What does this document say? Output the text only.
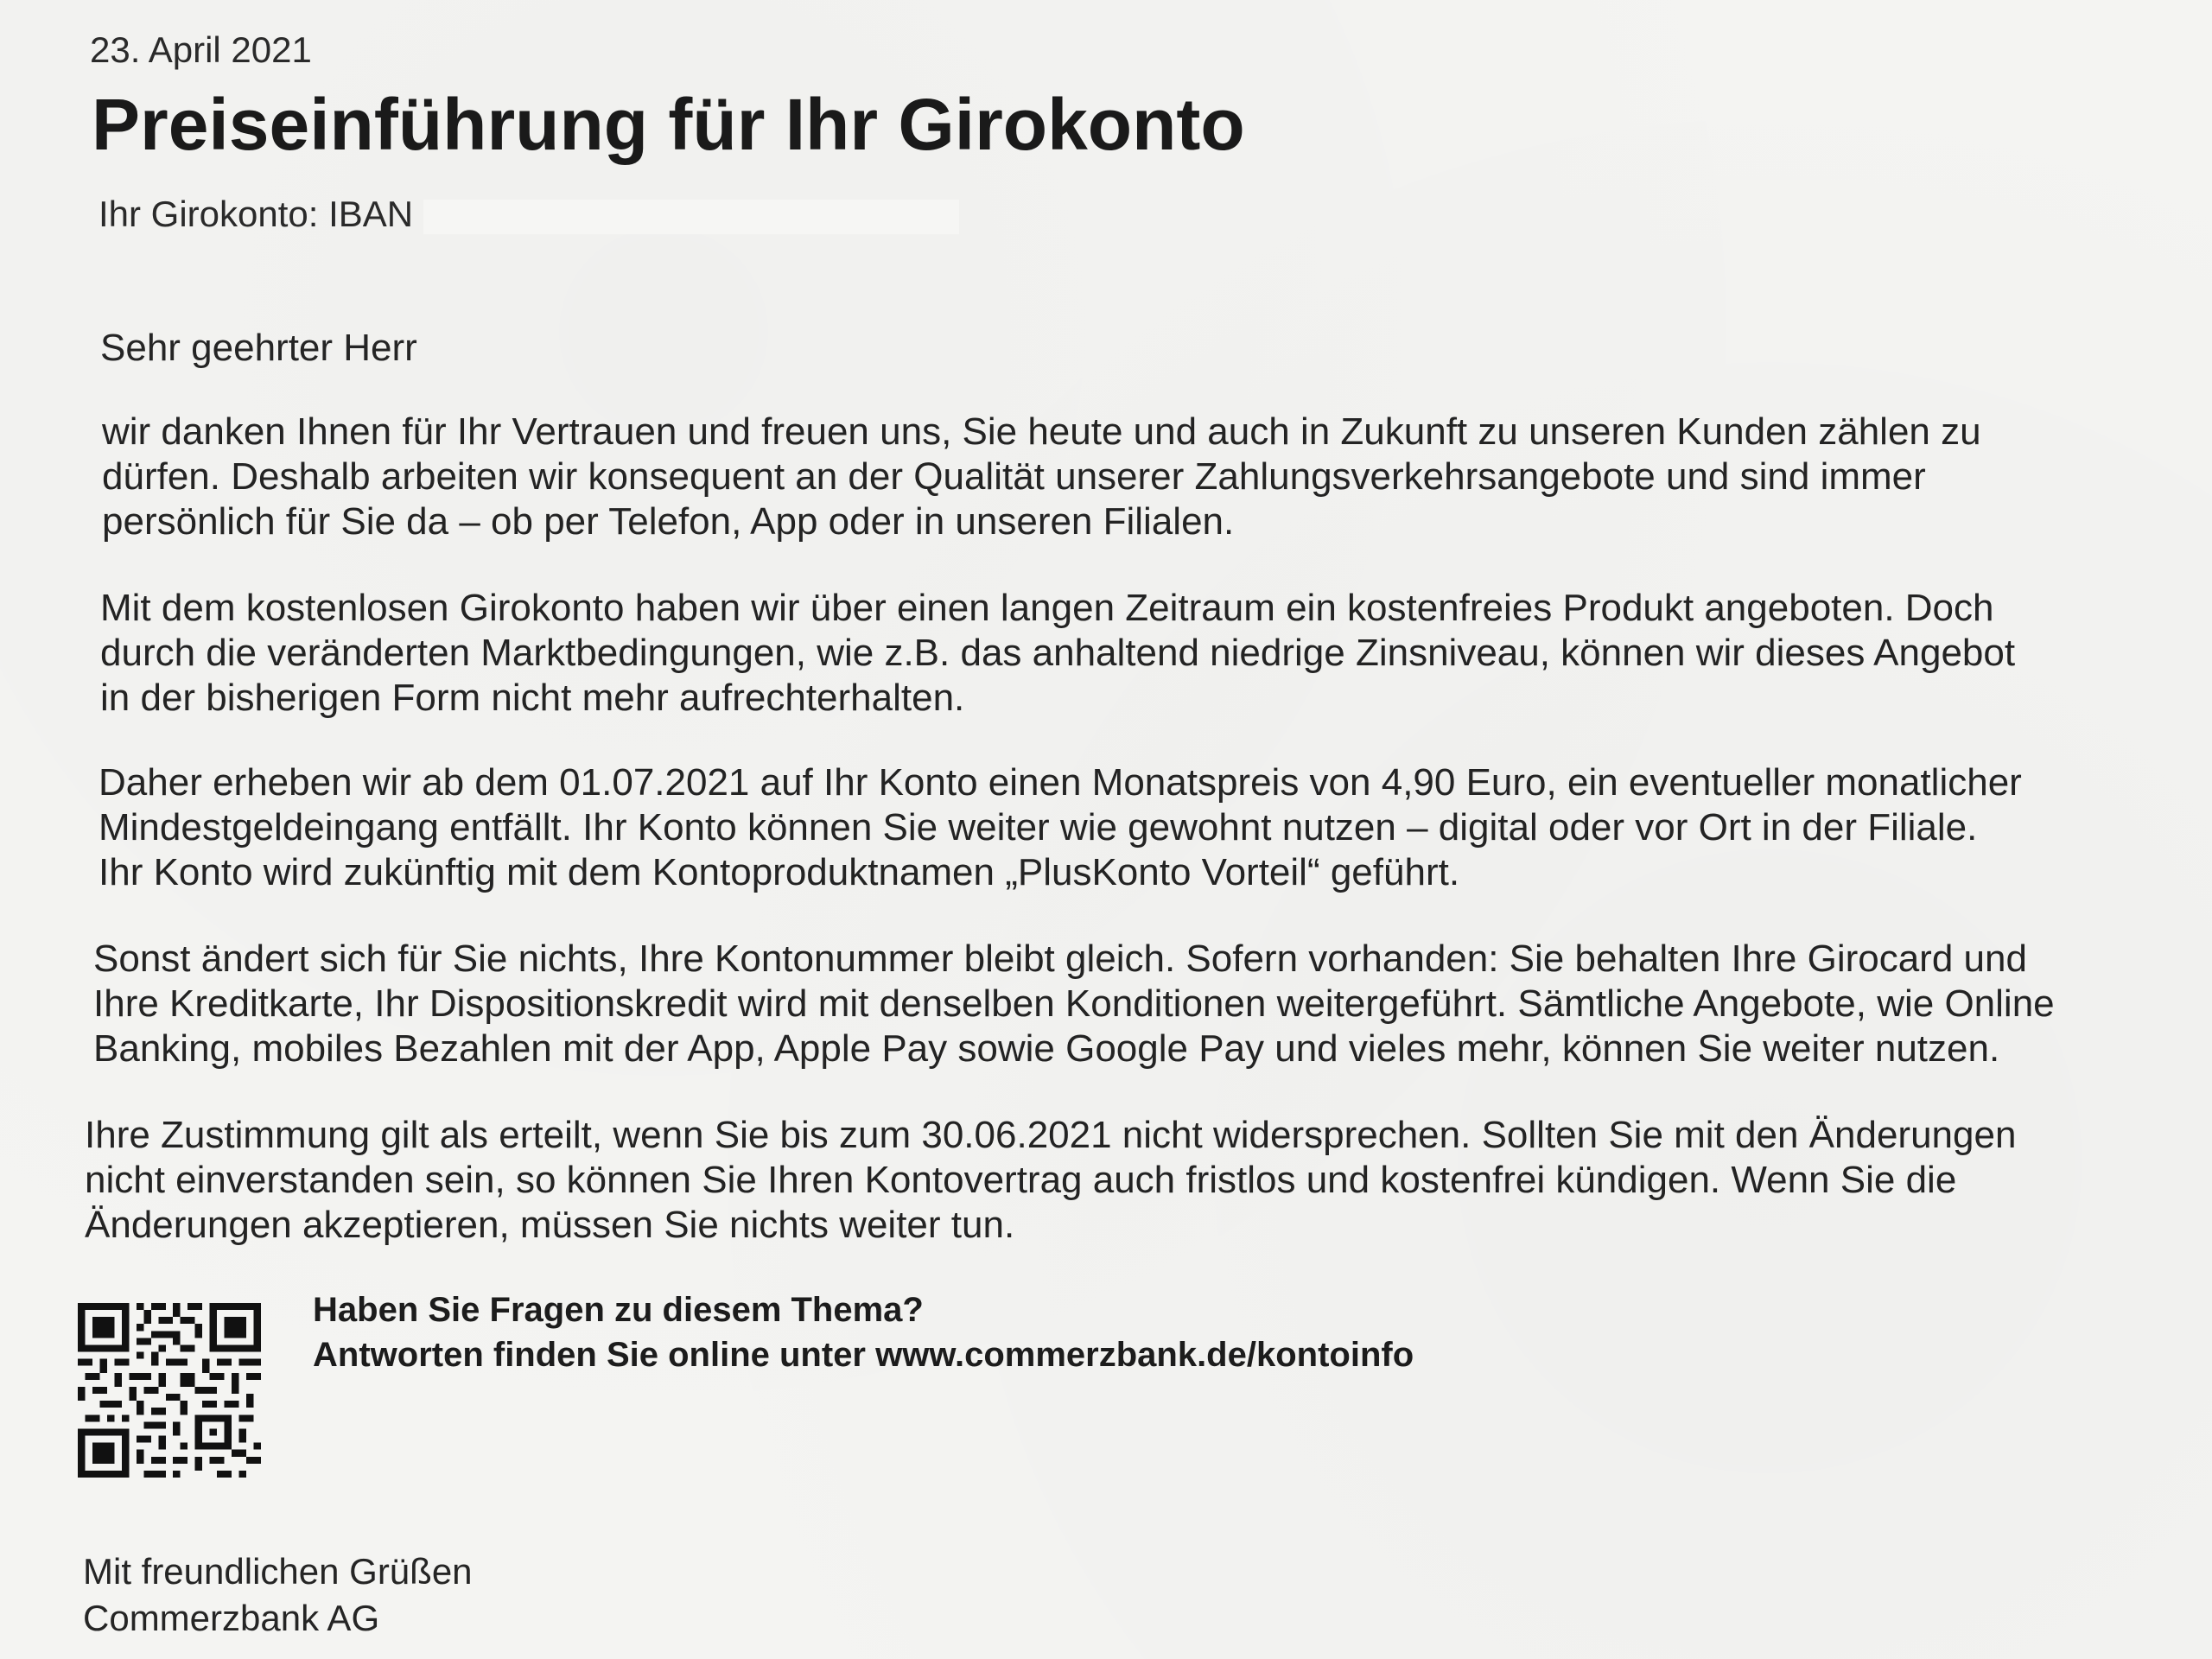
23. April 2021
Preiseinführung für Ihr Girokonto
Ihr Girokonto: IBAN
Sehr geehrter Herr

wir danken Ihnen für Ihr Vertrauen und freuen uns, Sie heute und auch in Zukunft zu unseren Kunden zählen zu
dürfen. Deshalb arbeiten wir konsequent an der Qualität unserer Zahlungsverkehrsangebote und sind immer
persönlich für Sie da – ob per Telefon, App oder in unseren Filialen.

Mit dem kostenlosen Girokonto haben wir über einen langen Zeitraum ein kostenfreies Produkt angeboten. Doch
durch die veränderten Marktbedingungen, wie z.B. das anhaltend niedrige Zinsniveau, können wir dieses Angebot
in der bisherigen Form nicht mehr aufrechterhalten.

Daher erheben wir ab dem 01.07.2021 auf Ihr Konto einen Monatspreis von 4,90 Euro, ein eventueller monatlicher
Mindestgeldeingang entfällt. Ihr Konto können Sie weiter wie gewohnt nutzen – digital oder vor Ort in der Filiale.
Ihr Konto wird zukünftig mit dem Kontoproduktnamen „PlusKonto Vorteil“ geführt.

Sonst ändert sich für Sie nichts, Ihre Kontonummer bleibt gleich. Sofern vorhanden: Sie behalten Ihre Girocard und
Ihre Kreditkarte, Ihr Dispositionskredit wird mit denselben Konditionen weitergeführt. Sämtliche Angebote, wie Online
Banking, mobiles Bezahlen mit der App, Apple Pay sowie Google Pay und vieles mehr, können Sie weiter nutzen.

Ihre Zustimmung gilt als erteilt, wenn Sie bis zum 30.06.2021 nicht widersprechen. Sollten Sie mit den Änderungen
nicht einverstanden sein, so können Sie Ihren Kontovertrag auch fristlos und kostenfrei kündigen. Wenn Sie die
Änderungen akzeptieren, müssen Sie nichts weiter tun.

Haben Sie Fragen zu diesem Thema?
Antworten finden Sie online unter www.commerzbank.de/kontoinfo
Mit freundlichen Grüßen
Commerzbank AG
